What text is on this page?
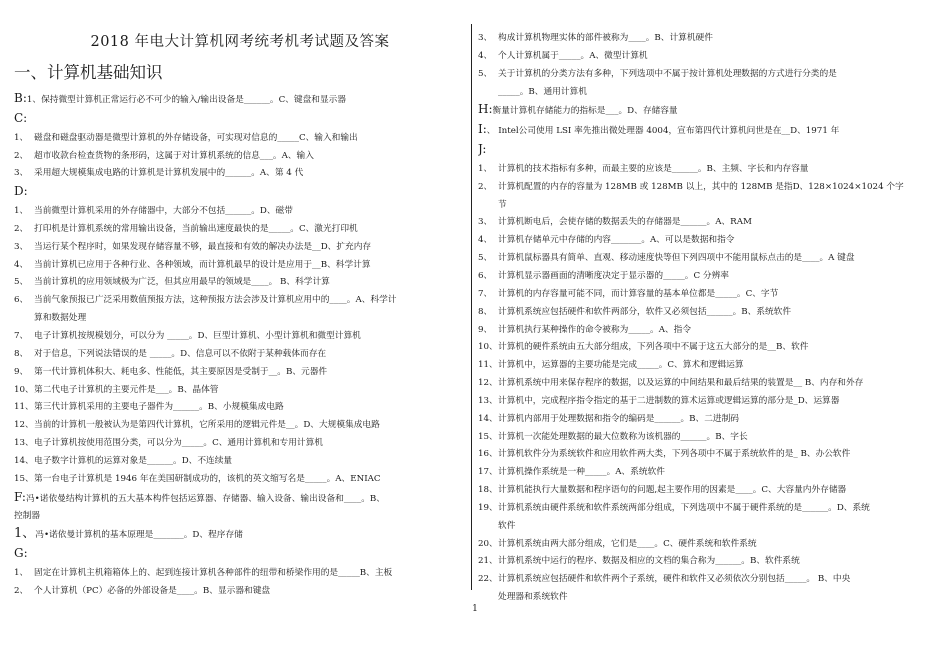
2018 年电大计算机网考统考机考试题及答案
一、计算机基础知识
B:1、保持微型计算机正常运行必不可少的输入/输出设备是______。C、键盘和显示器
C:
1、 磁盘和磁盘驱动器是微型计算机的外存储设备，可实现对信息的_____C、输入和输出
2、 超市收款台检查货物的条形码，这属于对计算机系统的信息___。A、输入
3、 采用超大规模集成电路的计算机是计算机发展中的______。A、第 4 代
D:
1、 当前微型计算机采用的外存储器中，大部分不包括______。D、磁带
2、 打印机是计算机系统的常用输出设备，当前输出速度最快的是_____。C、激光打印机
3、 当运行某个程序时，如果发现存储容量不够，最直接和有效的解决办法是__D、扩充内存
4、 当前计算机已应用于各种行业、各种领域，而计算机最早的设计是应用于__B、科学计算
5、 当前计算机的应用领域极为广泛，但其应用最早的领域是____。 B、科学计算
6、 当前气象预报已广泛采用数值预报方法，这种预报方法会涉及计算机应用中的____。A、科学计
算和数据处理
7、 电子计算机按规模划分，可以分为 _____。D、巨型计算机、小型计算机和微型计算机
8、 对于信息，下列说法错误的是 _____。D、信息可以不依附于某种载体而存在
9、 第一代计算机体积大、耗电多、性能低，其主要原因是受制于__。B、元器件
10、第二代电子计算机的主要元件是___。B、晶体管
11、第三代计算机采用的主要电子器件为______。B、小规模集成电路
12、当前的计算机一般被认为是第四代计算机，它所采用的逻辑元件是__。D、大规模集成电路
13、电子计算机按使用范围分类，可以分为_____。C、通用计算机和专用计算机
14、电子数字计算机的运算对象是______。D、不连续量
15、第一台电子计算机是 1946 年在美国研制成功的，该机的英文缩写名是_____。A、ENIAC
F:冯•诺依曼结构计算机的五大基本构件包括运算器、存储器、输入设备、输出设备和____。B、
控制器
1、冯•诺依曼计算机的基本原理是_______。D、程序存储
G:
1、 固定在计算机主机箱箱体上的、起到连接计算机各种部件的纽带和桥梁作用的是_____B、主板
2、 个人计算机（PC）必备的外部设备是____。B、显示器和键盘
3、 构成计算机物理实体的部件被称为____。B、计算机硬件
4、 个人计算机属于_____。A、微型计算机
5、 关于计算机的分类方法有多种，下列选项中不属于按计算机处理数据的方式进行分类的是
_____。B、通用计算机
H:衡量计算机存储能力的指标是___。D、存储容量
I:、 Intel公司使用 LSI 率先推出微处理器 4004，宣布第四代计算机问世是在__D、1971 年
J:
1、 计算机的技术指标有多种，而最主要的应该是______。B、主频、字长和内存容量
2、 计算机配置的内存的容量为 128MB 或 128MB 以上，其中的 128MB 是指D、128×1024×1024 个字
节
3、 计算机断电后，会使存储的数据丢失的存储器是______。A、RAM
4、 计算机存储单元中存储的内容_______。A、可以是数据和指令
5、 计算机鼠标器具有简单、直观、移动速度快等但下列四项中不能用鼠标点击的是____。A 键盘
6、 计算机显示器画面的清晰度决定于显示器的_____。C 分辨率
7、 计算机的内存容量可能不同，而计算容量的基本单位都是_____。C、字节
8、 计算机系统应包括硬件和软件两部分，软件又必须包括______。B、系统软件
9、 计算机执行某种操作的命令被称为_____。A、指令
10、计算机的硬件系统由五大部分组成，下列各项中不属于这五大部分的是__B、软件
11、计算机中，运算器的主要功能是完成_____。C、算术和逻辑运算
12、计算机系统中用来保存程序的数据，以及运算的中间结果和最后结果的装置是__ B、内存和外存
13、计算机中，完成程序指令指定的基于二进制数的算术运算或逻辑运算的部分是_D、运算器
14、计算机内部用于处理数据和指令的编码是______。B、二进制码
15、计算机一次能处理数据的最大位数称为该机器的______。B、字长
16、计算机软件分为系统软件和应用软件两大类，下列各项中不属于系统软件的是_ B、办公软件
17、计算机操作系统是一种_____。A、系统软件
18、计算机能执行大量数据和程序语句的问题,起主要作用的因素是____。C、大容量内外存储器
19、计算机系统由硬件系统和软件系统两部分组成，下列选项中不属于硬件系统的是______。D、系统
软件
20、计算机系统由两大部分组成，它们是____。C、硬件系统和软件系统
21、计算机系统中运行的程序、数据及相应的文档的集合称为______。B、软件系统
22、计算机系统应包括硬件和软件两个子系统，硬件和软件又必须依次分别包括_____。 B、中央
处理器和系统软件
1
